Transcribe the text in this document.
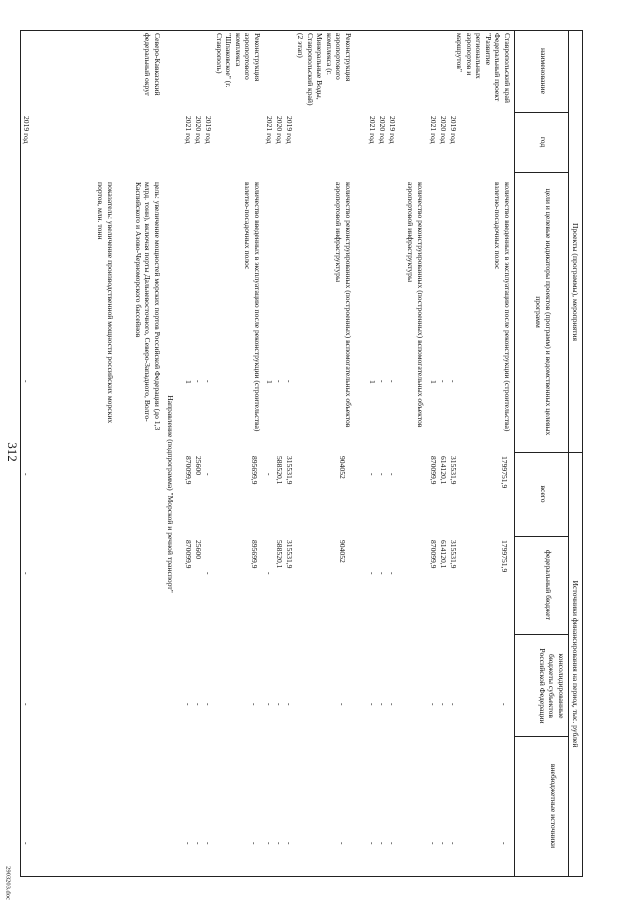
312
2903203.doc
Проекты (программы), мероприятия
Источники финансирования на период, тыс. рублей
наименование
год
цели и целевые индикаторы проектов (программ) и ведомственных целевых программ
всего
федеральный бюджет
консолидированные бюджеты субъектов Российской Федерации
внебюджетные источники
-
-
-
-
Ставропольский край
Федеральный проект "Развитие региональных аэропортов и маршрутов"
количество введенных в эксплуатацию после реконструкции (строительства) взлетно-посадочных полос
1799751,9
1799751,9
-
2019 год
2020 год
2021 год
-
-
1
315531,9
614120,1
870099,9
315531,9
614120,1
870099,9
-
-
-
количество реконструированных (построенных) вспомогательных объектов аэропортовой инфраструктуры
2019 год
2020 год
2021 год
-
-
1
-
-
-
-
-
-
-
-
-
-
-
-
Реконструкция аэропортового комплекса (г. Минеральные Воды, Ставропольский край) (2 этап)
количество реконструированных (построенных) вспомогательных объектов аэропортовой инфраструктуры
904052
904052
-
-
2019 год
2020 год
2021 год
-
-
1
315531,9
588520,1
-
315531,9
588520,1
-
-
-
-
-
-
-
Реконструкция аэропортового комплекса "Шпаковское" (г. Ставрополь)
количество введенных в эксплуатацию после реконструкции (строительства) взлетно-посадочных полос
895699,9
895699,9
-
-
2019 год
2020 год
2021 год
-
-
1
-
25600
870099,9
-
25600
870099,9
-
-
-
-
-
-
Направление (подпрограмма) "Морской и речной транспорт"
Северо-Кавказский федеральный округ
цель: увеличение мощностей морских портов Российской Федерации (до 1,3 млрд. тонн), включая порты Дальневосточного, Северо-Западного, Волго-Каспийского и Азово-Черноморского бассейнов
показатель: увеличение производственной мощности российских морских портов, млн. тонн
2019 год
-
-
-
-
-
